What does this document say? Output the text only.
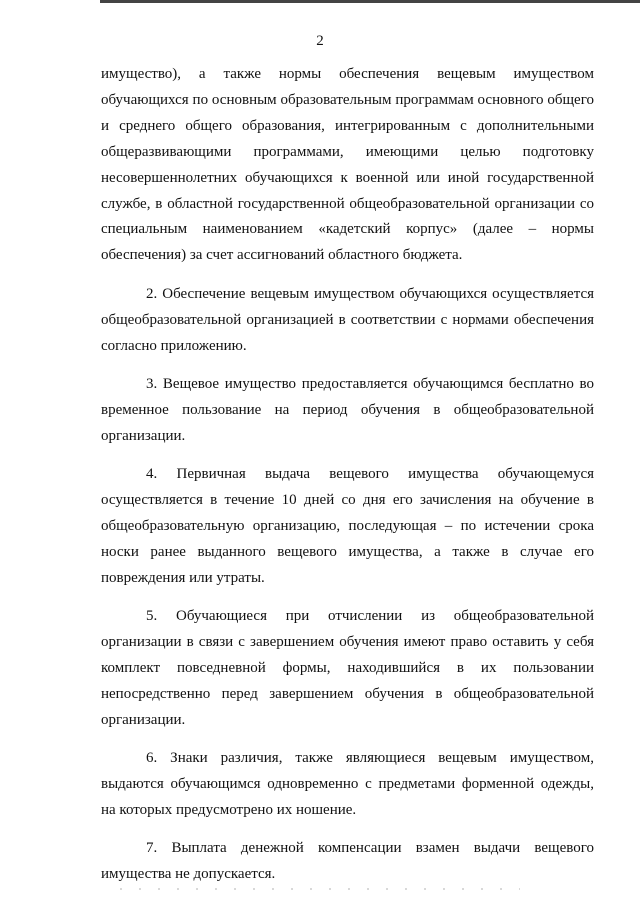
2

имущество), а также нормы обеспечения вещевым имуществом обучающихся по основным образовательным программам основного общего и среднего общего образования, интегрированным с дополнительными общеразвивающими программами, имеющими целью подготовку несовершеннолетних обучающихся к военной или иной государственной службе, в областной государственной общеобразовательной организации со специальным наименованием «кадетский корпус» (далее – нормы обеспечения) за счет ассигнований областного бюджета.

2. Обеспечение вещевым имуществом обучающихся осуществляется общеобразовательной организацией в соответствии с нормами обеспечения согласно приложению.

3. Вещевое имущество предоставляется обучающимся бесплатно во временное пользование на период обучения в общеобразовательной организации.

4. Первичная выдача вещевого имущества обучающемуся осуществляется в течение 10 дней со дня его зачисления на обучение в общеобразовательную организацию, последующая – по истечении срока носки ранее выданного вещевого имущества, а также в случае его повреждения или утраты.

5. Обучающиеся при отчислении из общеобразовательной организации в связи с завершением обучения имеют право оставить у себя комплект повседневной формы, находившийся в их пользовании непосредственно перед завершением обучения в общеобразовательной организации.

6. Знаки различия, также являющиеся вещевым имуществом, выдаются обучающимся одновременно с предметами форменной одежды, на которых предусмотрено их ношение.

7. Выплата денежной компенсации взамен выдачи вещевого имущества не допускается.
